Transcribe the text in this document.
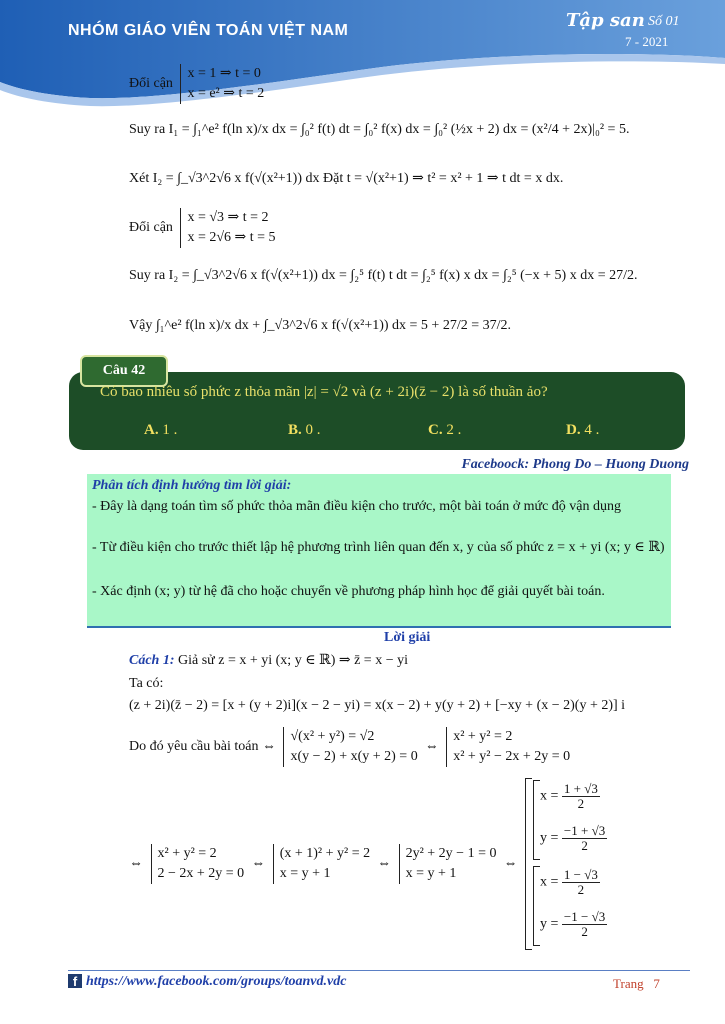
NHÓM GIÁO VIÊN TOÁN VIỆT NAM	Tập san Số 01
7 - 2021
Đổi cận
x = 1 ⇒ t = 0
x = e² ⇒ t = 2
Suy ra I₁ = ∫₁^e² f(ln x)/x dx = ∫₀² f(t) dt = ∫₀² f(x) dx = ∫₀² (½x + 2) dx = (x²/4 + 2x)|₀² = 5.
Xét I₂ = ∫_√3^2√6 x f(√(x²+1)) dx Đặt t = √(x²+1) ⇒ t² = x² + 1 ⇒ t dt = x dx.
Đổi cận
x = √3 ⇒ t = 2
x = 2√6 ⇒ t = 5
Suy ra I₂ = ∫_√3^2√6 x f(√(x²+1)) dx = ∫₂⁵ f(t) t dt = ∫₂⁵ f(x) x dx = ∫₂⁵ (−x + 5) x dx = 27/2.
Vậy ∫₁^e² f(ln x)/x dx + ∫_√3^2√6 x f(√(x²+1)) dx = 5 + 27/2 = 37/2.
Câu 42
Có bao nhiêu số phức z thỏa mãn |z| = √2 và (z + 2i)(z̄ − 2) là số thuần ảo?
A. 1 .	B. 0 .	C. 2 .	D. 4 .
Faceboock: Phong Do – Huong Duong
Phân tích định hướng tìm lời giải:
- Đây là dạng toán tìm số phức thỏa mãn điều kiện cho trước, một bài toán ở mức độ vận dụng
- Từ điều kiện cho trước thiết lập hệ phương trình liên quan đến x, y của số phức z = x + yi (x; y ∈ ℝ)
- Xác định (x; y) từ hệ đã cho hoặc chuyển về phương pháp hình học để giải quyết bài toán.
Lời giải
Cách 1: Giả sử z = x + yi (x; y ∈ ℝ) ⇒ z̄ = x − yi
Ta có:
(z + 2i)(z̄ − 2) = [x + (y + 2)i](x − 2 − yi) = x(x − 2) + y(y + 2) + [−xy + (x − 2)(y + 2)] i
Do đó yêu cầu bài toán ⇔
√(x² + y²) = √2
x(y − 2) + x(y + 2) = 0
⇔
x² + y² = 2
x² + y² − 2x + 2y = 0
⇔
x² + y² = 2
2 − 2x + 2y = 0
⇔
(x + 1)² + y² = 2
x = y + 1
⇔
2y² + 2y − 1 = 0
x = y + 1
⇔
$x = \frac{1 + √3}{2}$
$y = \frac{-1 + √3}{2}$
$x = \frac{1 - √3}{2}$
$y = \frac{-1 - √3}{2}$
f https://www.facebook.com/groups/toanvd.vdc	Trang 7
